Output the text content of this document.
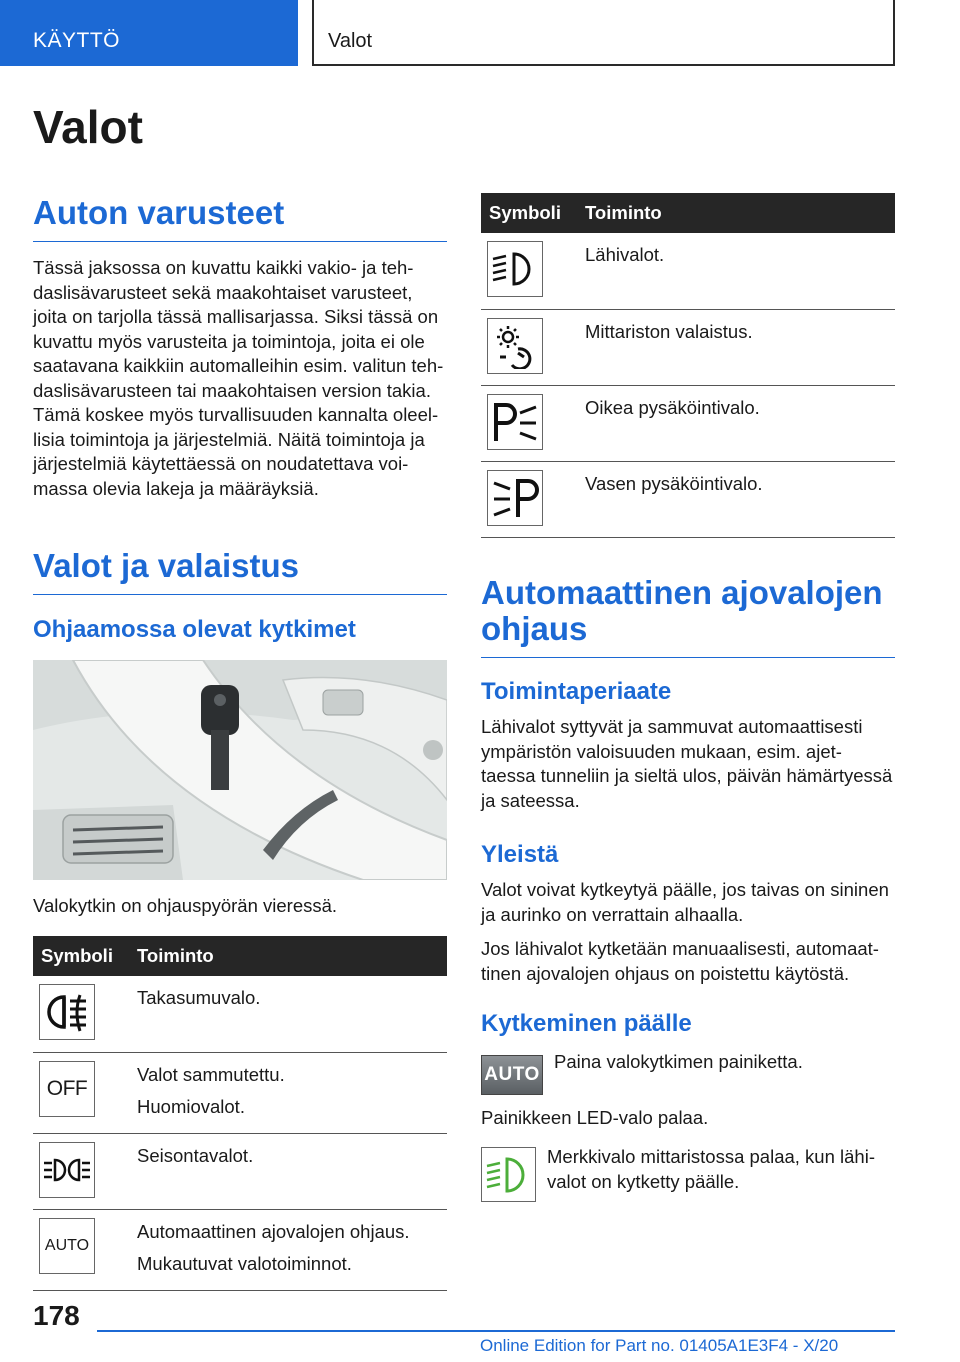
KÄYTTÖ	Valot
Valot
Auton varusteet
Tässä jaksossa on kuvattu kaikki vakio- ja teh-
daslisävarusteet sekä maakohtaiset varusteet,
joita on tarjolla tässä mallisarjassa. Siksi tässä on
kuvattu myös varusteita ja toimintoja, joita ei ole
saatavana kaikkiin automalleihin esim. valitun teh-
daslisävarusteen tai maakohtaisen version takia.
Tämä koskee myös turvallisuuden kannalta oleel-
lisia toimintoja ja järjestelmiä. Näitä toimintoja ja
järjestelmiä käytettäessä on noudatettava voi-
massa olevia lakeja ja määräyksiä.
Valot ja valaistus
Ohjaamossa olevat kytkimet
Valokytkin on ohjauspyörän vieressä.
Symboli	Toiminto

Takasumuvalo.

OFF	Valot sammutettu.
Huomiovalot.

Seisontavalot.

AUTO	Automaattinen ajovalojen ohjaus.
Mukautuvat valotoiminnot.
Symboli	Toiminto

Lähivalot.

Mittariston valaistus.

Oikea pysäköintivalo.

Vasen pysäköintivalo.
Automaattinen ajovalojen
ohjaus
Toimintaperiaate
Lähivalot syttyvät ja sammuvat automaattisesti
ympäristön valoisuuden mukaan, esim. ajet-
taessa tunneliin ja sieltä ulos, päivän hämärtyessä
ja sateessa.
Yleistä
Valot voivat kytkeytyä päälle, jos taivas on sininen
ja aurinko on verrattain alhaalla.
Jos lähivalot kytketään manuaalisesti, automaat-
tinen ajovalojen ohjaus on poistettu käytöstä.
Kytkeminen päälle
AUTO
Paina valokytkimen painiketta.
Painikkeen LED-valo palaa.
Merkkivalo mittaristossa palaa, kun lähi-
valot on kytketty päälle.
178
Online Edition for Part no. 01405A1E3F4 - X/20
